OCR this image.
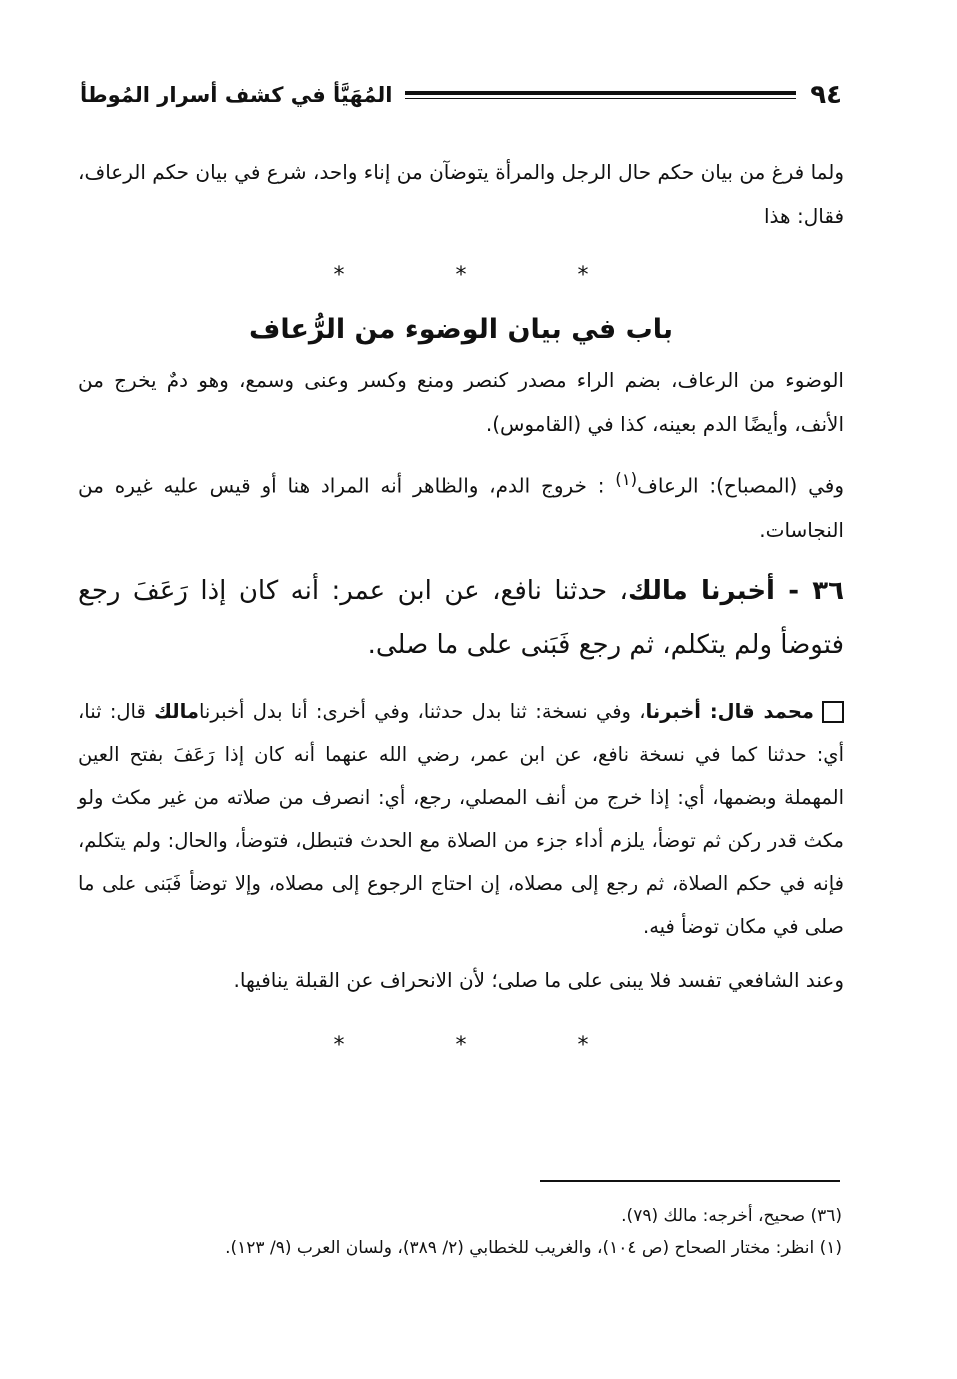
٩٤
المُهَيَّأ في كشف أسرار المُوطأ

ولما فرغ من بيان حكم حال الرجل والمرأة يتوضآن من إناء واحد، شرع في بيان حكم الرعاف، فقال: هذا

* * *

باب في بيان الوضوء من الرُّعاف

الوضوء من الرعاف، بضم الراء مصدر كنصر ومنع وكسر وعنى وسمع، وهو دمٌ يخرج من الأنف، وأيضًا الدم بعينه، كذا في (القاموس).

وفي (المصباح): الرعاف$^{(١)}$ : خروج الدم، والظاهر أنه المراد هنا أو قيس عليه غيره من النجاسات.

٣٦ - أخبرنا مالك، حدثنا نافع، عن ابن عمر: أنه كان إذا رَعَفَ رجع فتوضأ ولم يتكلم، ثم رجع فَبَنى على ما صلى.

محمد قال: أخبرنا، وفي نسخة: ثنا بدل حدثنا، وفي أخرى: أنا بدل أخبرنامالك قال: ثنا، أي: حدثنا كما في نسخة نافع، عن ابن عمر، رضي الله عنهما أنه كان إذا رَعَفَ بفتح العين المهملة وبضمها، أي: إذا خرج من أنف المصلي، رجع، أي: انصرف من صلاته من غير مكث ولو مكث قدر ركن ثم توضأ، يلزم أداء جزء من الصلاة مع الحدث فتبطل، فتوضأ، والحال: ولم يتكلم، فإنه في حكم الصلاة، ثم رجع إلى مصلاه، إن احتاج الرجوع إلى مصلاه، وإلا توضأ فَبَنى على ما صلى في مكان توضأ فيه.

وعند الشافعي تفسد فلا يبنى على ما صلى؛ لأن الانحراف عن القبلة ينافيها.

* * *

(٣٦) صحيح، أخرجه: مالك (٧٩).

(١) انظر: مختار الصحاح (ص ١٠٤)، والغريب للخطابي (٢/ ٣٨٩)، ولسان العرب (٩/ ١٢٣).
